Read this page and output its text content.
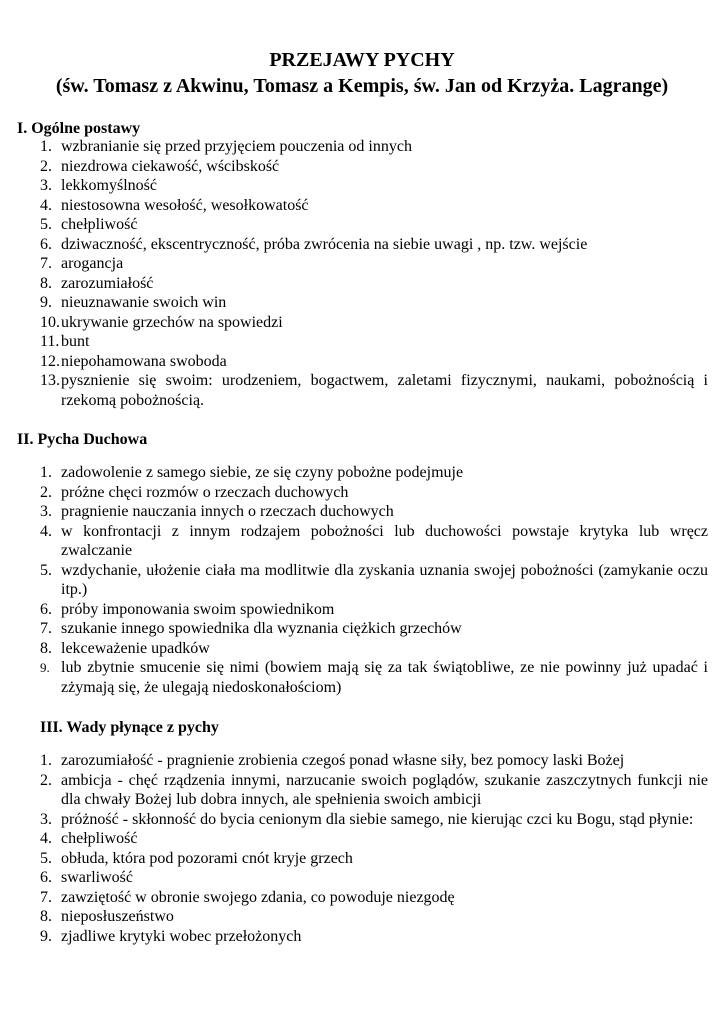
PRZEJAWY PYCHY
(św. Tomasz z Akwinu, Tomasz a Kempis, św. Jan od Krzyża. Lagrange)
I. Ogólne postawy
1. wzbranianie się przed przyjęciem pouczenia od innych
2. niezdrowa ciekawość, wścibskość
3. lekkomyślność
4. niestosowna wesołość, wesołkowatość
5. chełpliwość
6. dziwaczność, ekscentryczność, próba zwrócenia na siebie uwagi , np. tzw. wejście
7. arogancja
8. zarozumiałość
9. nieuznawanie swoich win
10. ukrywanie grzechów na spowiedzi
11. bunt
12. niepohamowana swoboda
13. pysznienie się swoim: urodzeniem, bogactwem, zaletami fizycznymi, naukami, pobożnością i rzekomą pobożnością.
II. Pycha Duchowa
1. zadowolenie z samego siebie, ze się czyny pobożne podejmuje
2. próżne chęci rozmów o rzeczach duchowych
3. pragnienie nauczania innych o rzeczach duchowych
4. w konfrontacji z innym rodzajem pobożności lub duchowości powstaje krytyka lub wręcz zwalczanie
5. wzdychanie, ułożenie ciała ma modlitwie dla zyskania uznania swojej pobożności (zamykanie oczu itp.)
6. próby imponowania swoim spowiednikom
7. szukanie innego spowiednika dla wyznania ciężkich grzechów
8. lekceważenie upadków
9. lub zbytnie smucenie się nimi (bowiem mają się za tak świątobliwe, ze nie powinny już upadać i zżymają się, że ulegają niedoskonałościom)
III. Wady płynące z pychy
1. zarozumiałość - pragnienie zrobienia czegoś ponad własne siły, bez pomocy laski Bożej
2. ambicja - chęć rządzenia innymi, narzucanie swoich poglądów, szukanie zaszczytnych funkcji nie dla chwały Bożej lub dobra innych, ale spełnienia swoich ambicji
3. próżność - skłonność do bycia cenionym dla siebie samego, nie kierując czci ku Bogu, stąd płynie:
4. chełpliwość
5. obłuda, która pod pozorami cnót kryje grzech
6. swarliwość
7. zawziętość w obronie swojego zdania, co powoduje niezgodę
8. nieposłuszeństwo
9. zjadliwe krytyki wobec przełożonych
